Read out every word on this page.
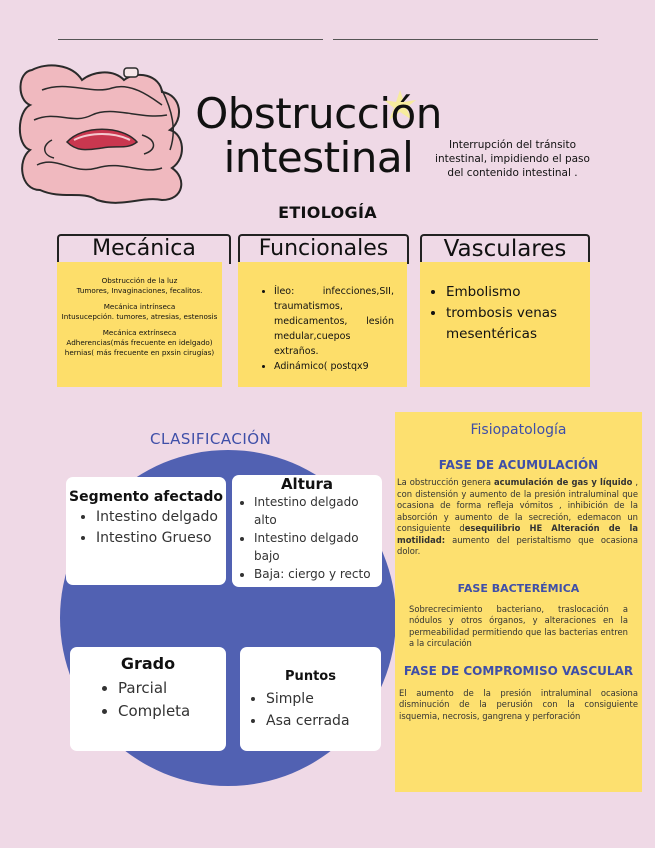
Obstrucción
intestinal	Interrupción del tránsito intestinal, impidiendo el paso del contenido intestinal .
ETIOLOGÍA
Mecánica

Obstrucción de la luz
Tumores, Invaginaciones, fecalitos.

Mecánica intrínseca
Intusucepción. tumores, atresias, estenosis

Mecánica extrínseca
Adherencias(más frecuente en idelgado) hernias( más frecuente en pxsin cirugías)

Funcionales
• Íleo: infecciones,SII, traumatismos, medicamentos, lesión medular,cuepos extraños.
• Adinámico( postqx9
Vasculares
• Embolismo
• trombosis venas mesentéricas
CLASIFICACIÓN
Segmento afectado
• Intestino delgado
• Intestino Grueso
Altura
• Intestino delgado alto
• Intestino delgado bajo
• Baja: ciergo y recto
Grado
• Parcial
• Completa
Puntos
• Simple
• Asa cerrada
Fisiopatología
FASE DE ACUMULACIÓN
La obstrucción genera acumulación de gas y líquido , con distensión y aumento de la presión intraluminal que ocasiona de forma refleja vómitos , inhibición de la absorción y aumento de la secreción, edemacon un consiguiente desequilibrio HE Alteración de la motilidad: aumento del peristaltismo que ocasiona dolor.
FASE BACTERÉMICA
Sobrecrecimiento bacteriano, traslocación a nódulos y otros órganos, y alteraciones en la permeabilidad permitiendo que las bacterias entren a la circulación
FASE DE COMPROMISO VASCULAR
El aumento de la presión intraluminal ocasiona disminución de la perusión con la consiguiente isquemia, necrosis, gangrena y perforación
